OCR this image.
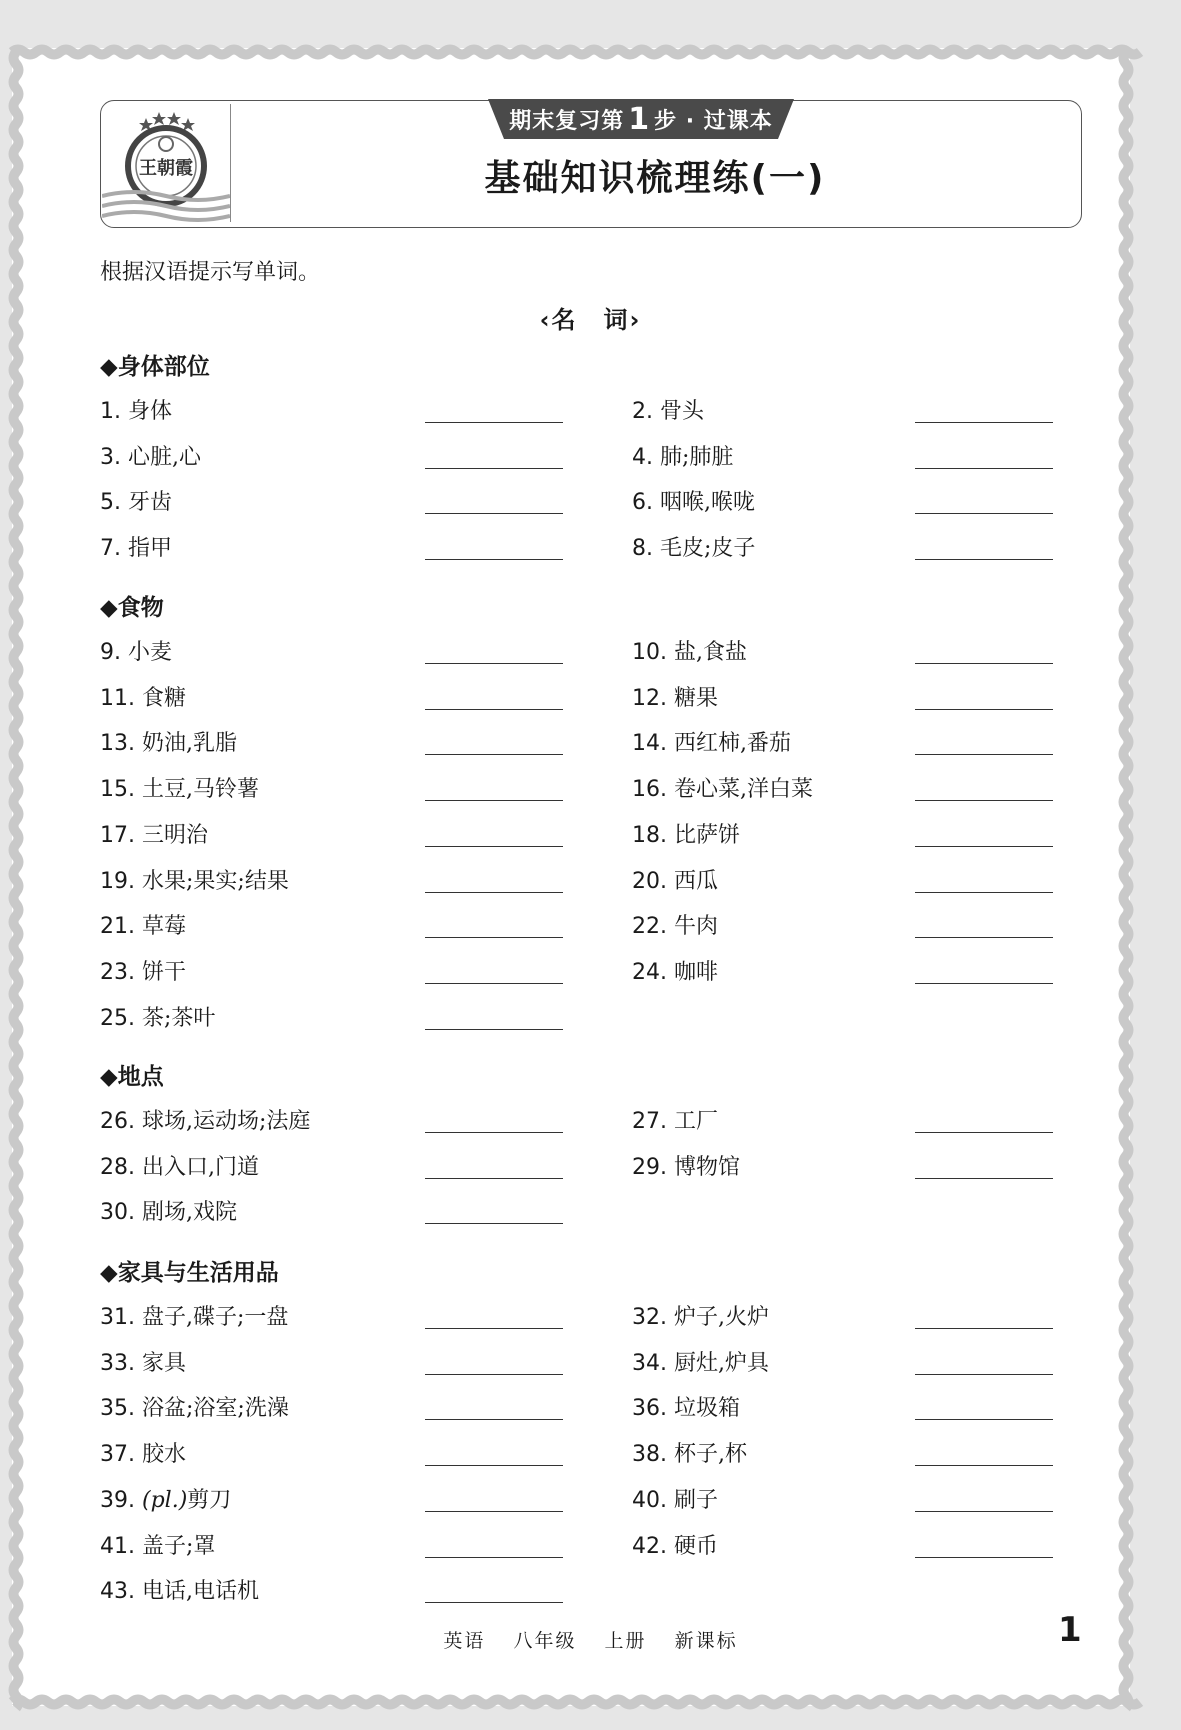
王朝霞
期末复习第 1 步 · 过课本
基础知识梳理练(一)
根据汉语提示写单词。
‹名　词›
◆身体部位
1. 身体	2. 骨头
3. 心脏,心	4. 肺;肺脏
5. 牙齿	6. 咽喉,喉咙
7. 指甲	8. 毛皮;皮子
◆食物
9. 小麦	10. 盐,食盐
11. 食糖	12. 糖果
13. 奶油,乳脂	14. 西红柿,番茄
15. 土豆,马铃薯	16. 卷心菜,洋白菜
17. 三明治	18. 比萨饼
19. 水果;果实;结果	20. 西瓜
21. 草莓	22. 牛肉
23. 饼干	24. 咖啡
25. 茶;茶叶
◆地点
26. 球场,运动场;法庭	27. 工厂
28. 出入口,门道	29. 博物馆
30. 剧场,戏院
◆家具与生活用品
31. 盘子,碟子;一盘	32. 炉子,火炉
33. 家具	34. 厨灶,炉具
35. 浴盆;浴室;洗澡	36. 垃圾箱
37. 胶水	38. 杯子,杯
39. (pl.)剪刀	40. 刷子
41. 盖子;罩	42. 硬币
43. 电话,电话机
英语 八年级 上册 新课标	1
